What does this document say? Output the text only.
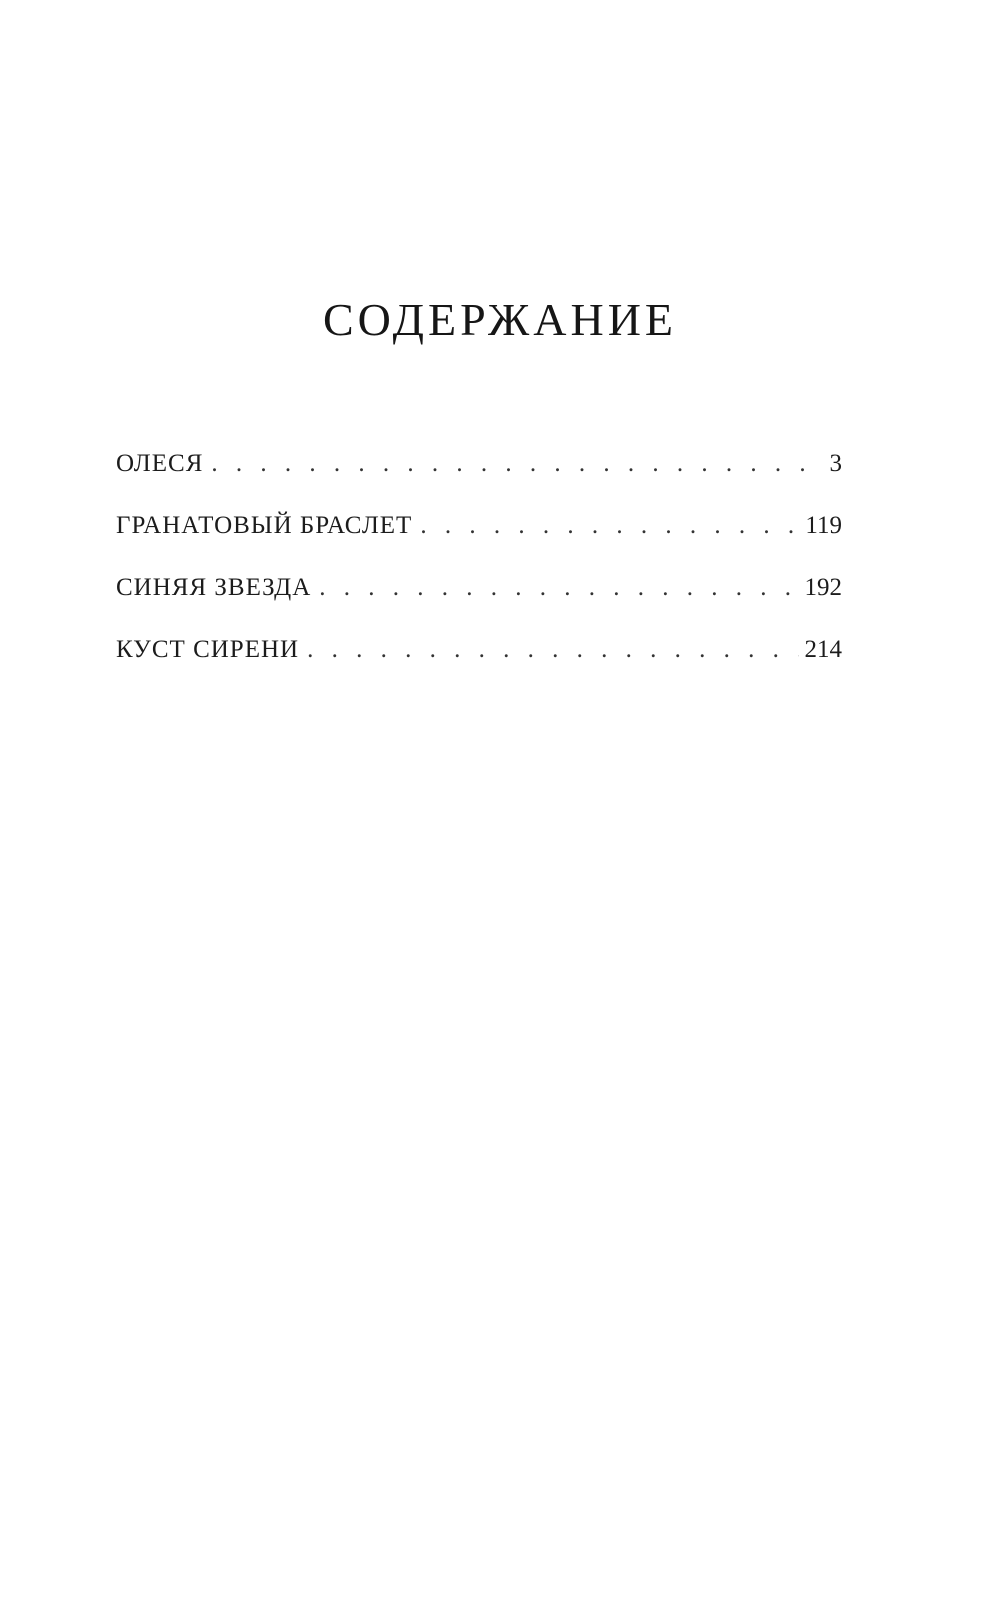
СОДЕРЖАНИЕ
ОЛЕСЯ . . .	3
ГРАНАТОВЫЙ БРАСЛЕТ . . .	119
СИНЯЯ ЗВЕЗДА . . .	192
КУСТ СИРЕНИ . . .	214
